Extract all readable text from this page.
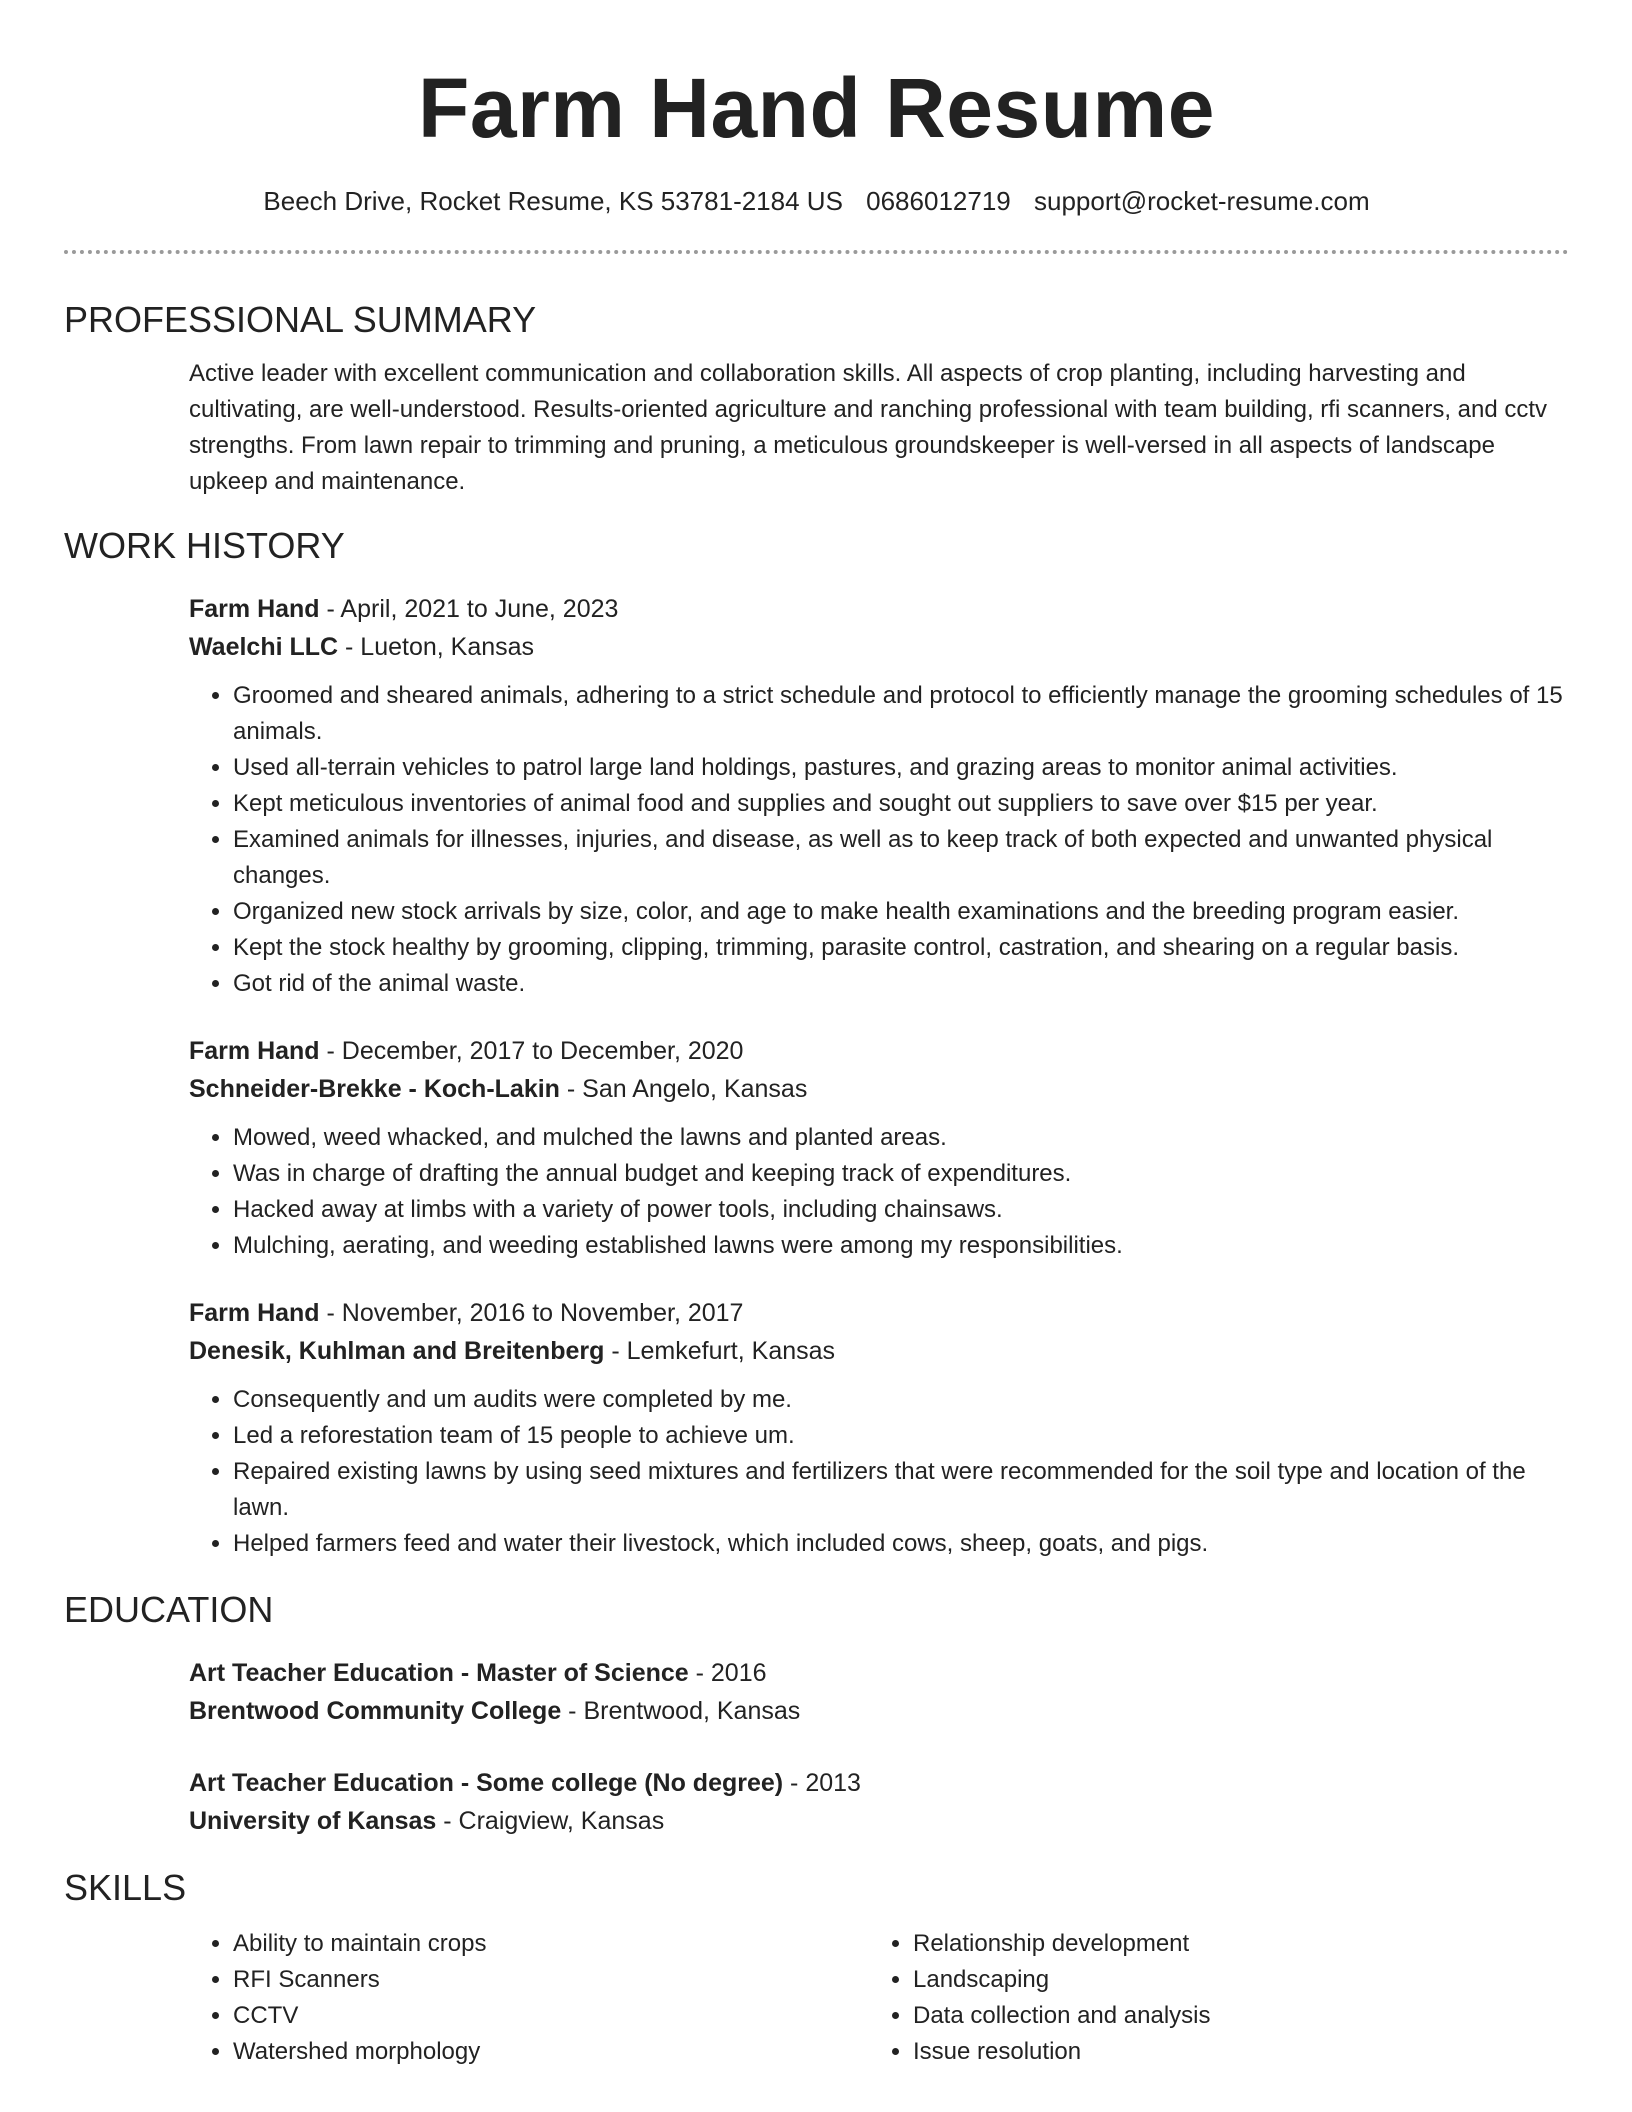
Farm Hand Resume
Beech Drive, Rocket Resume, KS 53781-2184 US 0686012719 support@rocket-resume.com
PROFESSIONAL SUMMARY
Active leader with excellent communication and collaboration skills. All aspects of crop planting, including harvesting and cultivating, are well-understood. Results-oriented agriculture and ranching professional with team building, rfi scanners, and cctv strengths. From lawn repair to trimming and pruning, a meticulous groundskeeper is well-versed in all aspects of landscape upkeep and maintenance.
WORK HISTORY
Farm Hand - April, 2021 to June, 2023
Waelchi LLC - Lueton, Kansas
• Groomed and sheared animals, adhering to a strict schedule and protocol to efficiently manage the grooming schedules of 15 animals.
• Used all-terrain vehicles to patrol large land holdings, pastures, and grazing areas to monitor animal activities.
• Kept meticulous inventories of animal food and supplies and sought out suppliers to save over $15 per year.
• Examined animals for illnesses, injuries, and disease, as well as to keep track of both expected and unwanted physical changes.
• Organized new stock arrivals by size, color, and age to make health examinations and the breeding program easier.
• Kept the stock healthy by grooming, clipping, trimming, parasite control, castration, and shearing on a regular basis.
• Got rid of the animal waste.
Farm Hand - December, 2017 to December, 2020
Schneider-Brekke - Koch-Lakin - San Angelo, Kansas
• Mowed, weed whacked, and mulched the lawns and planted areas.
• Was in charge of drafting the annual budget and keeping track of expenditures.
• Hacked away at limbs with a variety of power tools, including chainsaws.
• Mulching, aerating, and weeding established lawns were among my responsibilities.
Farm Hand - November, 2016 to November, 2017
Denesik, Kuhlman and Breitenberg - Lemkefurt, Kansas
• Consequently and um audits were completed by me.
• Led a reforestation team of 15 people to achieve um.
• Repaired existing lawns by using seed mixtures and fertilizers that were recommended for the soil type and location of the lawn.
• Helped farmers feed and water their livestock, which included cows, sheep, goats, and pigs.
EDUCATION
Art Teacher Education - Master of Science - 2016
Brentwood Community College - Brentwood, Kansas
Art Teacher Education - Some college (No degree) - 2013
University of Kansas - Craigview, Kansas
SKILLS
• Ability to maintain crops
• RFI Scanners
• CCTV
• Watershed morphology
• Relationship development
• Landscaping
• Data collection and analysis
• Issue resolution
